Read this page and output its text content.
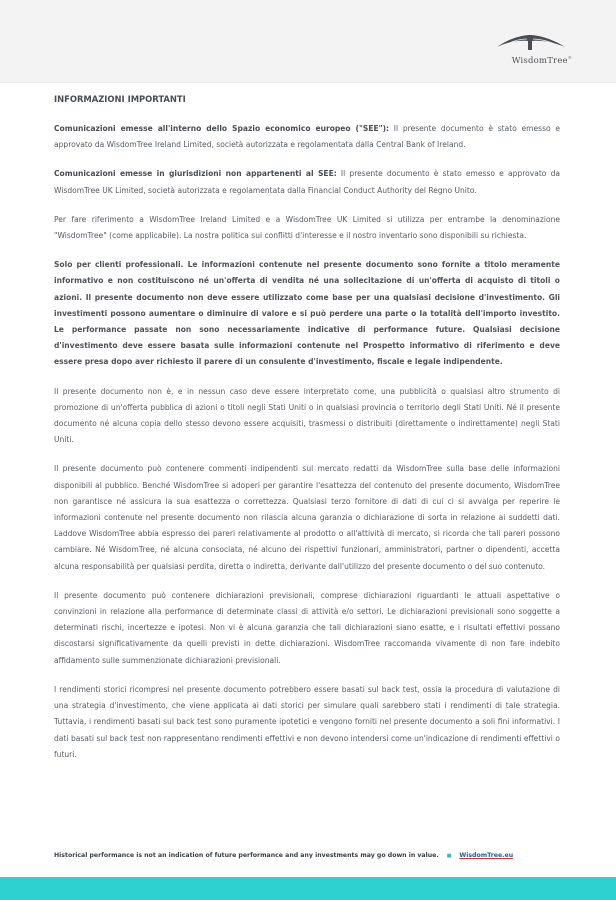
WisdomTree®
INFORMAZIONI IMPORTANTI

Comunicazioni emesse all'interno dello Spazio economico europeo ("SEE"): Il presente documento è stato emesso e approvato da WisdomTree Ireland Limited, società autorizzata e regolamentata dalla Central Bank of Ireland.

Comunicazioni emesse in giurisdizioni non appartenenti al SEE: Il presente documento è stato emesso e approvato da WisdomTree UK Limited, società autorizzata e regolamentata dalla Financial Conduct Authority del Regno Unito.

Per fare riferimento a WisdomTree Ireland Limited e a WisdomTree UK Limited si utilizza per entrambe la denominazione "WisdomTree" (come applicabile). La nostra politica sui conflitti d'interesse e il nostro inventario sono disponibili su richiesta.

Solo per clienti professionali. Le informazioni contenute nel presente documento sono fornite a titolo meramente informativo e non costituiscono né un'offerta di vendita né una sollecitazione di un'offerta di acquisto di titoli o azioni. Il presente documento non deve essere utilizzato come base per una qualsiasi decisione d'investimento. Gli investimenti possono aumentare o diminuire di valore e si può perdere una parte o la totalità dell'importo investito. Le performance passate non sono necessariamente indicative di performance future. Qualsiasi decisione d'investimento deve essere basata sulle informazioni contenute nel Prospetto informativo di riferimento e deve essere presa dopo aver richiesto il parere di un consulente d'investimento, fiscale e legale indipendente.

Il presente documento non è, e in nessun caso deve essere interpretato come, una pubblicità o qualsiasi altro strumento di promozione di un'offerta pubblica di azioni o titoli negli Stati Uniti o in qualsiasi provincia o territorio degli Stati Uniti. Né il presente documento né alcuna copia dello stesso devono essere acquisiti, trasmessi o distribuiti (direttamente o indirettamente) negli Stati Uniti.

Il presente documento può contenere commenti indipendenti sul mercato redatti da WisdomTree sulla base delle informazioni disponibili al pubblico. Benché WisdomTree si adoperi per garantire l'esattezza del contenuto del presente documento, WisdomTree non garantisce né assicura la sua esattezza o correttezza. Qualsiasi terzo fornitore di dati di cui ci si avvalga per reperire le informazioni contenute nel presente documento non rilascia alcuna garanzia o dichiarazione di sorta in relazione ai suddetti dati. Laddove WisdomTree abbia espresso dei pareri relativamente al prodotto o all'attività di mercato, si ricorda che tali pareri possono cambiare. Né WisdomTree, né alcuna consociata, né alcuno dei rispettivi funzionari, amministratori, partner o dipendenti, accetta alcuna responsabilità per qualsiasi perdita, diretta o indiretta, derivante dall'utilizzo del presente documento o del suo contenuto.

Il presente documento può contenere dichiarazioni previsionali, comprese dichiarazioni riguardanti le attuali aspettative o convinzioni in relazione alla performance di determinate classi di attività e/o settori. Le dichiarazioni previsionali sono soggette a determinati rischi, incertezze e ipotesi. Non vi è alcuna garanzia che tali dichiarazioni siano esatte, e i risultati effettivi possano discostarsi significativamente da quelli previsti in dette dichiarazioni. WisdomTree raccomanda vivamente di non fare indebito affidamento sulle summenzionate dichiarazioni previsionali.

I rendimenti storici ricompresi nel presente documento potrebbero essere basati sul back test, ossia la procedura di valutazione di una strategia d'investimento, che viene applicata ai dati storici per simulare quali sarebbero stati i rendimenti di tale strategia. Tuttavia, i rendimenti basati sul back test sono puramente ipotetici e vengono forniti nel presente documento a soli fini informativi. I dati basati sul back test non rappresentano rendimenti effettivi e non devono intendersi come un'indicazione di rendimenti effettivi o futuri.

Historical performance is not an indication of future performance and any investments may go down in value. ■ WisdomTree.eu
